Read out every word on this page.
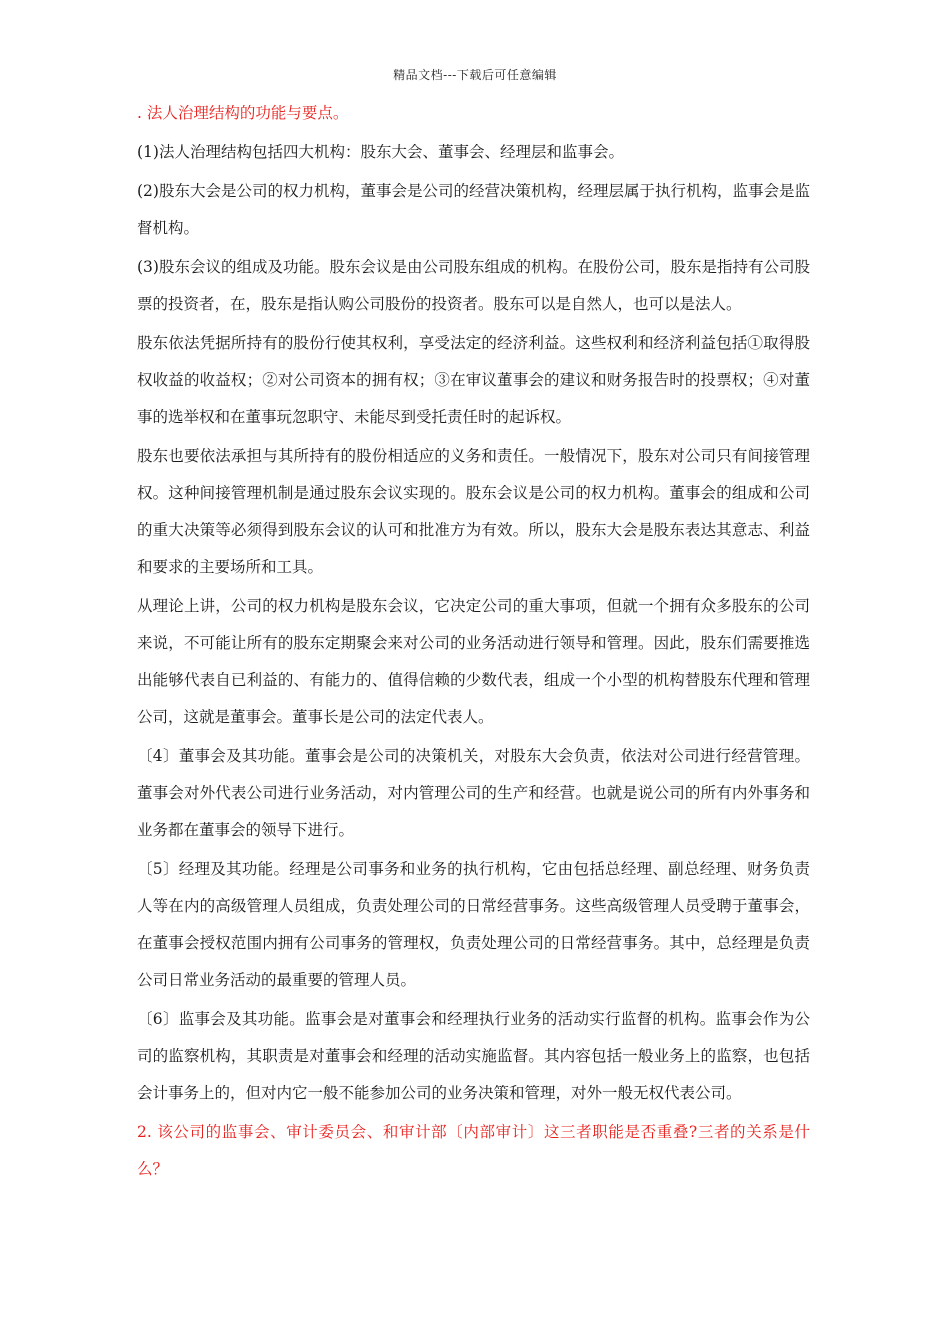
精品文档---下载后可任意编辑
. 法人治理结构的功能与要点。
(1)法人治理结构包括四大机构：股东大会、董事会、经理层和监事会。
(2)股东大会是公司的权力机构，董事会是公司的经营决策机构，经理层属于执行机构，监事会是监督机构。
(3)股东会议的组成及功能。股东会议是由公司股东组成的机构。在股份公司，股东是指持有公司股票的投资者，在，股东是指认购公司股份的投资者。股东可以是自然人，也可以是法人。
股东依法凭据所持有的股份行使其权利，享受法定的经济利益。这些权利和经济利益包括①取得股权收益的收益权；②对公司资本的拥有权；③在审议董事会的建议和财务报告时的投票权；④对董事的选举权和在董事玩忽职守、未能尽到受托责任时的起诉权。
股东也要依法承担与其所持有的股份相适应的义务和责任。一般情况下，股东对公司只有间接管理权。这种间接管理机制是通过股东会议实现的。股东会议是公司的权力机构。董事会的组成和公司的重大决策等必须得到股东会议的认可和批准方为有效。所以，股东大会是股东表达其意志、利益和要求的主要场所和工具。
从理论上讲，公司的权力机构是股东会议，它决定公司的重大事项，但就一个拥有众多股东的公司来说，不可能让所有的股东定期聚会来对公司的业务活动进行领导和管理。因此，股东们需要推选出能够代表自已利益的、有能力的、值得信赖的少数代表，组成一个小型的机构替股东代理和管理公司，这就是董事会。董事长是公司的法定代表人。
〔4〕董事会及其功能。董事会是公司的决策机关，对股东大会负责，依法对公司进行经营管理。董事会对外代表公司进行业务活动，对内管理公司的生产和经营。也就是说公司的所有内外事务和业务都在董事会的领导下进行。
〔5〕经理及其功能。经理是公司事务和业务的执行机构，它由包括总经理、副总经理、财务负责人等在内的高级管理人员组成，负责处理公司的日常经营事务。这些高级管理人员受聘于董事会，在董事会授权范围内拥有公司事务的管理权，负责处理公司的日常经营事务。其中，总经理是负责公司日常业务活动的最重要的管理人员。
〔6〕监事会及其功能。监事会是对董事会和经理执行业务的活动实行监督的机构。监事会作为公司的监察机构，其职责是对董事会和经理的活动实施监督。其内容包括一般业务上的监察，也包括会计事务上的，但对内它一般不能参加公司的业务决策和管理，对外一般无权代表公司。
2. 该公司的监事会、审计委员会、和审计部〔内部审计〕这三者职能是否重叠?三者的关系是什么？
